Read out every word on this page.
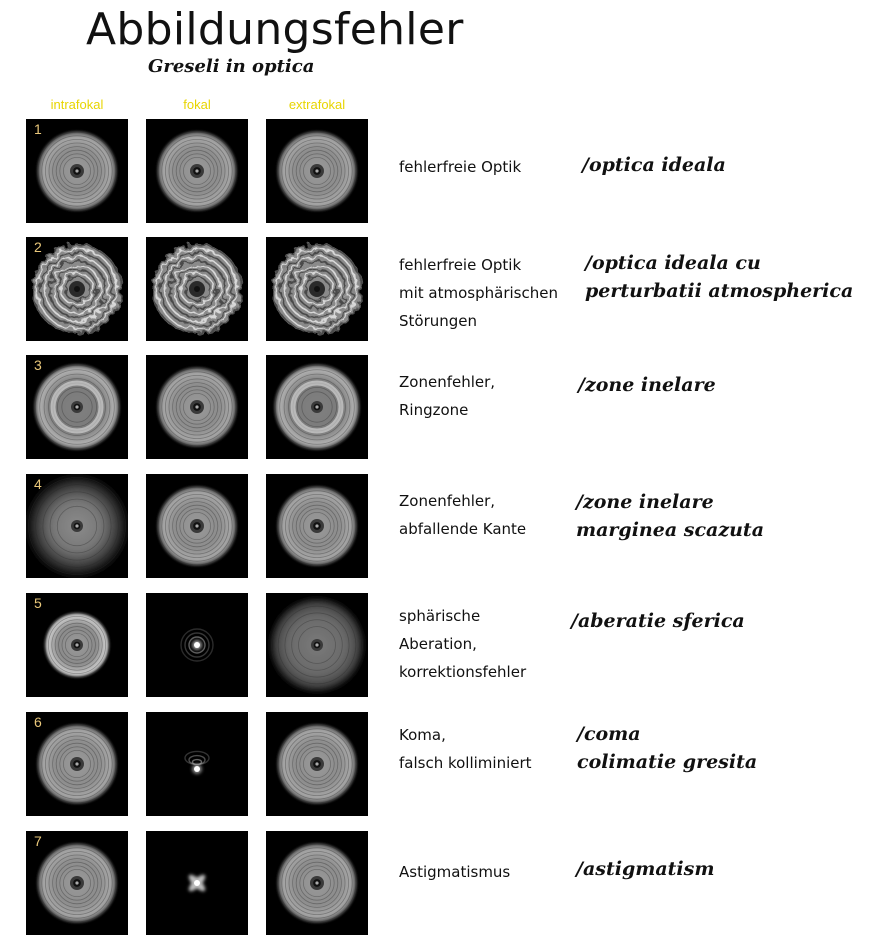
Abbildungsfehler
Greseli in optica
intrafokal	fokal	extrafokal
1
fehlerfreie Optik	/optica ideala
2
fehlerfreie Optik
mit atmosphärischen
Störungen
/optica ideala cu
perturbatii atmospherica
3
Zonenfehler,
Ringzone
/zone inelare
4
Zonenfehler,
abfallende Kante
/zone inelare
marginea scazuta
5
sphärische
Aberation,
korrektionsfehler
/aberatie sferica
6
Koma,
falsch kolliminiert
/coma
colimatie gresita
7
Astigmatismus	/astigmatism
